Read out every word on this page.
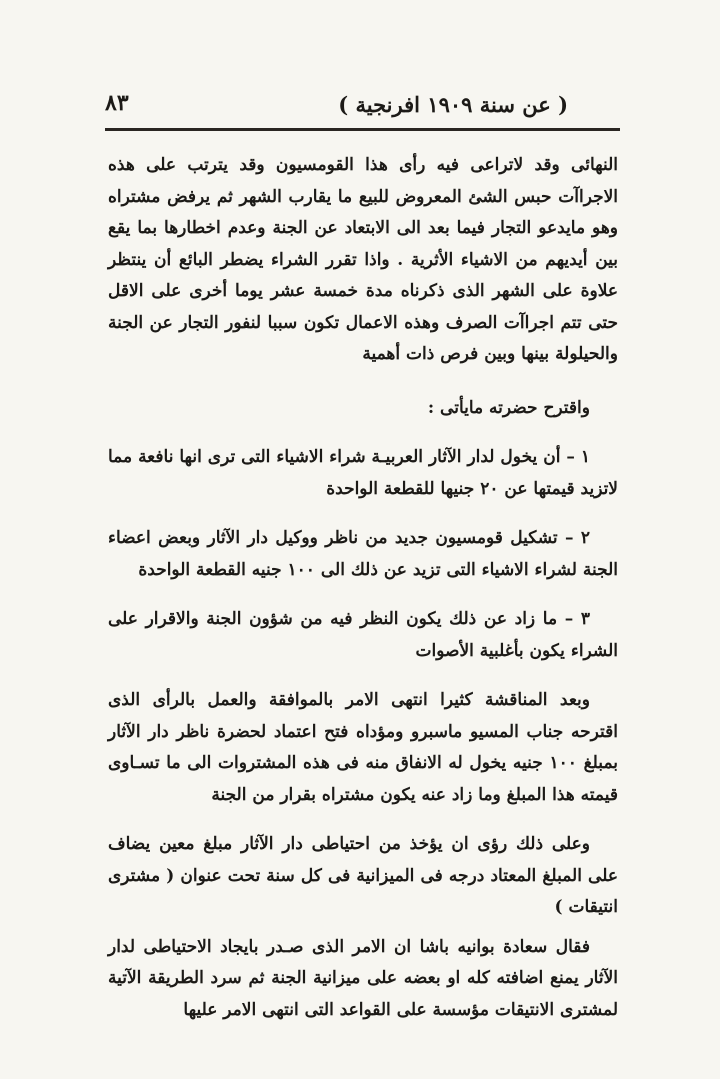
٨٣	( عن سنة ١٩٠٩ افرنجية )

النهائى وقد لاتراعى فيه رأى هذا القومسيون وقد يترتب على هذه الاجراآت حبس الشئ المعروض للبيع ما يقارب الشهر ثم يرفض مشتراه وهو مايدعو التجار فيما بعد الى الابتعاد عن الجنة وعدم اخطارها بما يقع بين أيديهم من الاشياء الأثرية . واذا تقرر الشراء يضطر البائع أن ينتظر علاوة على الشهر الذى ذكرناه مدة خمسة عشر يوما أخرى على الاقل حتى تتم اجراآت الصرف وهذه الاعمال تكون سببا لنفور التجار عن الجنة والحيلولة بينها وبين فرص ذات أهمية

واقترح حضرته مايأتى :

١ – أن يخول لدار الآثار العربيـة شراء الاشياء التى ترى انها نافعة مما لاتزيد قيمتها عن ٢٠ جنيها للقطعة الواحدة

٢ – تشكيل قومسيون جديد من ناظر ووكيل دار الآثار وبعض اعضاء الجنة لشراء الاشياء التى تزيد عن ذلك الى ١٠٠ جنيه القطعة الواحدة

٣ – ما زاد عن ذلك يكون النظر فيه من شؤون الجنة والاقرار على الشراء يكون بأغلبية الأصوات

وبعد المناقشة كثيرا انتهى الامر بالموافقة والعمل بالرأى الذى اقترحه جناب المسيو ماسبرو ومؤداه فتح اعتماد لحضرة ناظر دار الآثار بمبلغ ١٠٠ جنيه يخول له الانفاق منه فى هذه المشتروات الى ما تسـاوى قيمته هذا المبلغ وما زاد عنه يكون مشتراه بقرار من الجنة

وعلى ذلك رؤى ان يؤخذ من احتياطى دار الآثار مبلغ معين يضاف على المبلغ المعتاد درجه فى الميزانية فى كل سنة تحت عنوان ( مشترى انتيقات )

فقال سعادة بوانيه باشا ان الامر الذى صـدر بايجاد الاحتياطى لدار الآثار يمنع اضافته كله او بعضه على ميزانية الجنة ثم سرد الطريقة الآتية لمشترى الانتيقات مؤسسة على القواعد التى انتهى الامر عليها
